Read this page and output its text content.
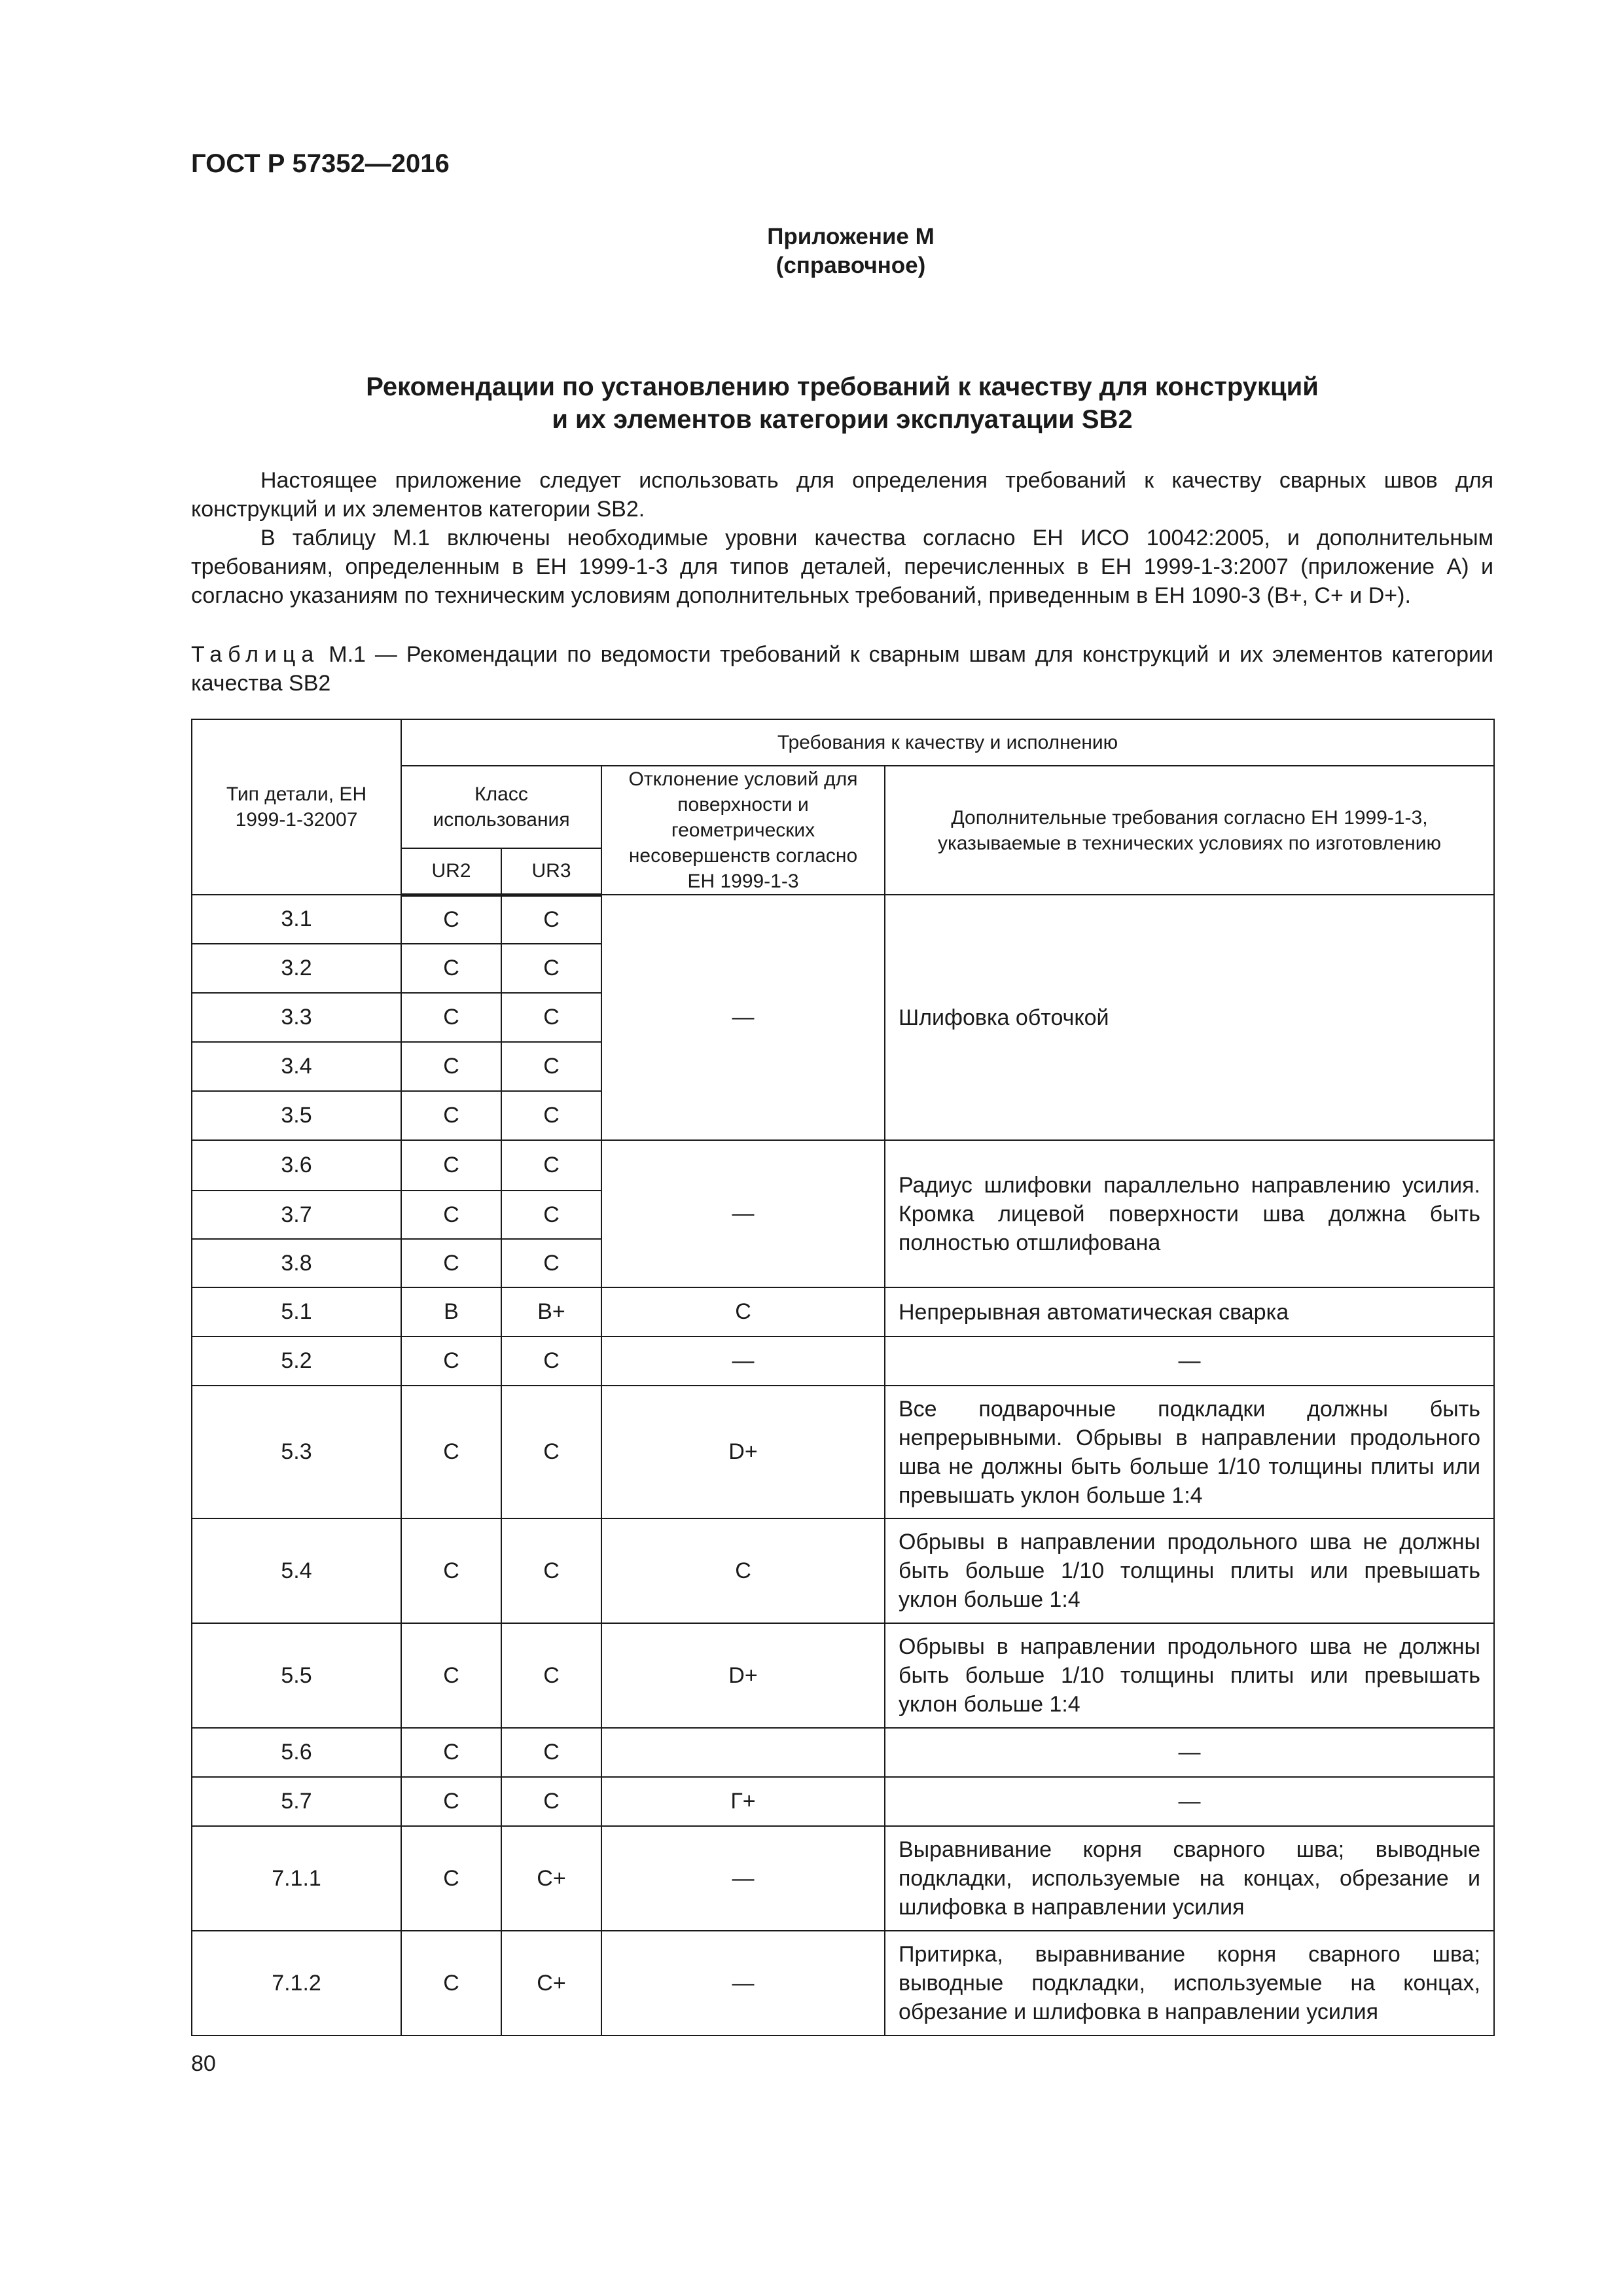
ГОСТ Р 57352—2016
Приложение М
(справочное)
Рекомендации по установлению требований к качеству для конструкций
и их элементов категории эксплуатации SB2

Настоящее приложение следует использовать для определения требований к качеству сварных швов для конструкций и их элементов категории SB2.

В таблицу М.1 включены необходимые уровни качества согласно ЕН ИСО 10042:2005, и дополнительным требованиям, определенным в ЕН 1999-1-3 для типов деталей, перечисленных в ЕН 1999-1-3:2007 (приложение А) и согласно указаниям по техническим условиям дополнительных требований, приведенным в ЕН 1090-3 (В+, С+ и D+).

Таблица М.1 — Рекомендации по ведомости требований к сварным швам для конструкций и их элементов категории качества SB2
Тип детали, ЕН 1999-1-32007	Требования к качеству и исполнению			
	Класс использования		Отклонение условий для поверхности и геометрических несовершенств согласно ЕН 1999-1-3	Дополнительные требования согласно ЕН 1999-1-3, указываемые в технических условиях по изготовлению
	UR2	UR3		
3.1	С	С	—	Шлифовка обточкой
3.2	С	С		
3.3	С	С		
3.4	С	С		
3.5	С	С		
3.6	С	С	—	Радиус шлифовки параллельно направлению усилия. Кромка лицевой поверхности шва должна быть полностью отшлифована
3.7	С	С		
3.8	С	С		
5.1	В	В+	С	Непрерывная автоматическая сварка
5.2	С	С	—	—
5.3	С	С	D+	Все подварочные подкладки должны быть непрерывными. Обрывы в направлении продольного шва не должны быть больше 1/10 толщины плиты или превышать уклон больше 1:4
5.4	С	С	С	Обрывы в направлении продольного шва не должны быть больше 1/10 толщины плиты или превышать уклон больше 1:4
5.5	С	С	D+	Обрывы в направлении продольного шва не должны быть больше 1/10 толщины плиты или превышать уклон больше 1:4
5.6	С	С		—
5.7	С	С	Г+	—
7.1.1	С	С+	—	Выравнивание корня сварного шва; выводные подкладки, используемые на концах, обрезание и шлифовка в направлении усилия
7.1.2	С	С+	—	Притирка, выравнивание корня сварного шва; выводные подкладки, используемые на концах, обрезание и шлифовка в направлении усилия
80
